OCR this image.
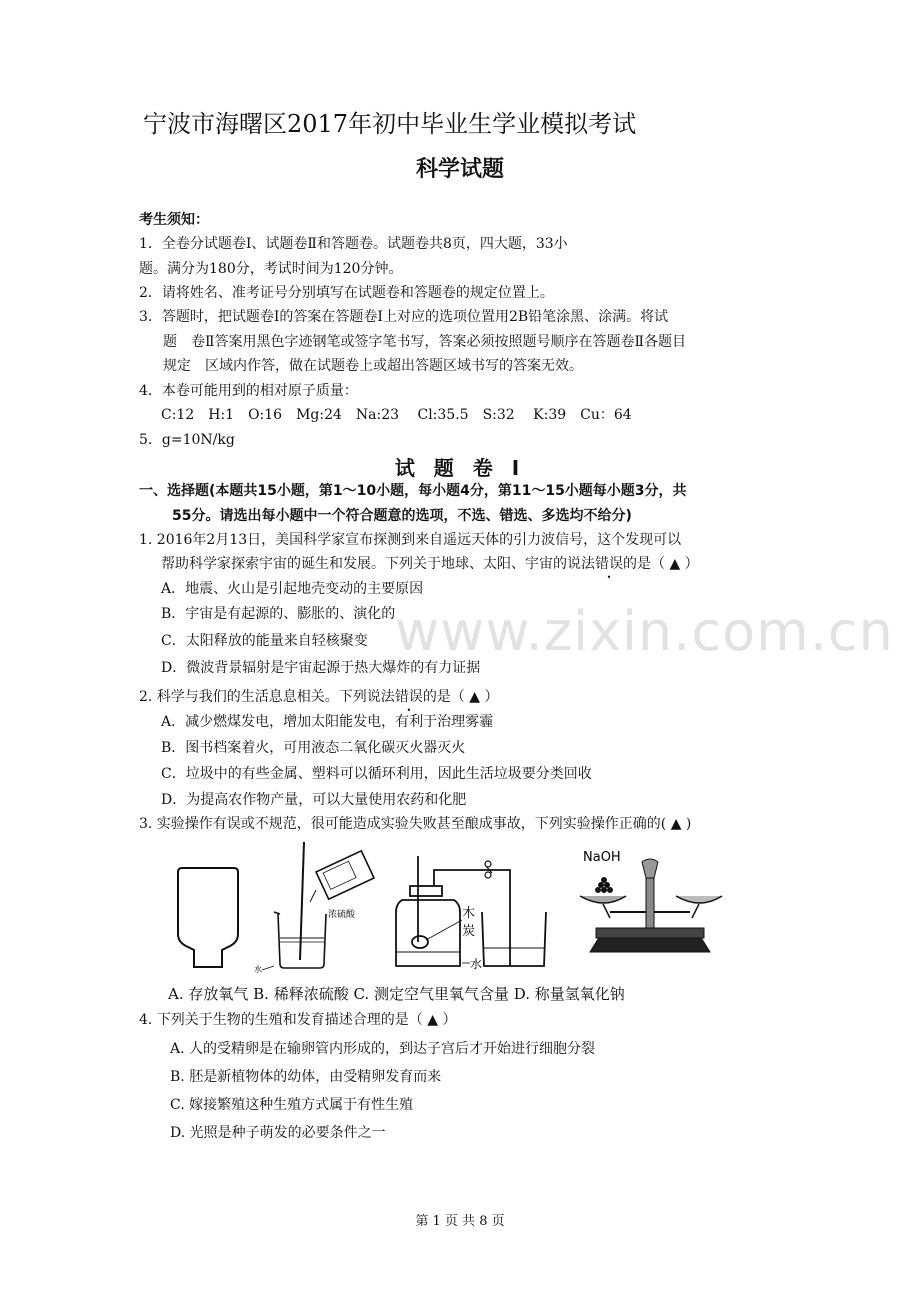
宁波市海曙区2017年初中毕业生学业模拟考试
科学试题
考生须知：
1．全卷分试题卷Ⅰ、试题卷Ⅱ和答题卷。试题卷共8页，四大题，33小
题。满分为180分，考试时间为120分钟。
2．请将姓名、准考证号分别填写在试题卷和答题卷的规定位置上。
3．答题时，把试题卷Ⅰ的答案在答题卷Ⅰ上对应的选项位置用2B铅笔涂黑、涂满。将试
题　卷Ⅱ答案用黑色字迹钢笔或签字笔书写，答案必须按照题号顺序在答题卷Ⅱ各题目
规定　区域内作答，做在试题卷上或超出答题区域书写的答案无效。
4．本卷可能用到的相对原子质量：
C:12　H:1　O:16　Mg:24　Na:23　 Cl:35.5　S:32　 K:39　Cu：64
5．g=10N/kg
试 题 卷 Ⅰ
一、选择题(本题共15小题，第1～10小题，每小题4分，第11～15小题每小题3分，共
55分。请选出每小题中一个符合题意的选项，不选、错选、多选均不给分)
1. 2016年2月13日，美国科学家宣布探测到来自遥远天体的引力波信号，这个发现可以
帮助科学家探索宇宙的诞生和发展。下列关于地球、太阳、宇宙的说法错误的是（ ▲ ）
A．地震、火山是引起地壳变动的主要原因
B．宇宙是有起源的、膨胀的、演化的
C．太阳释放的能量来自轻核聚变
D．微波背景辐射是宇宙起源于热大爆炸的有力证据
2. 科学与我们的生活息息相关。下列说法错误的是（ ▲ ）
A．减少燃煤发电，增加太阳能发电，有利于治理雾霾
B．图书档案着火，可用液态二氧化碳灭火器灭火
C．垃圾中的有些金属、塑料可以循环利用，因此生活垃圾要分类回收
D．为提高农作物产量，可以大量使用农药和化肥
3. 实验操作有误或不规范，很可能造成实验失败甚至酿成事故，下列实验操作正确的( ▲ )
浓硫酸
水
木
炭
水
NaOH
A. 存放氧气 B. 稀释浓硫酸 C. 测定空气里氧气含量 D. 称量氢氧化钠
4. 下列关于生物的生殖和发育描述合理的是（ ▲ ）
A. 人的受精卵是在输卵管内形成的，到达子宫后才开始进行细胞分裂
B. 胚是新植物体的幼体，由受精卵发育而来
C. 嫁接繁殖这种生殖方式属于有性生殖
D. 光照是种子萌发的必要条件之一
www.zixin.com.cn
第 1 页 共 8 页
